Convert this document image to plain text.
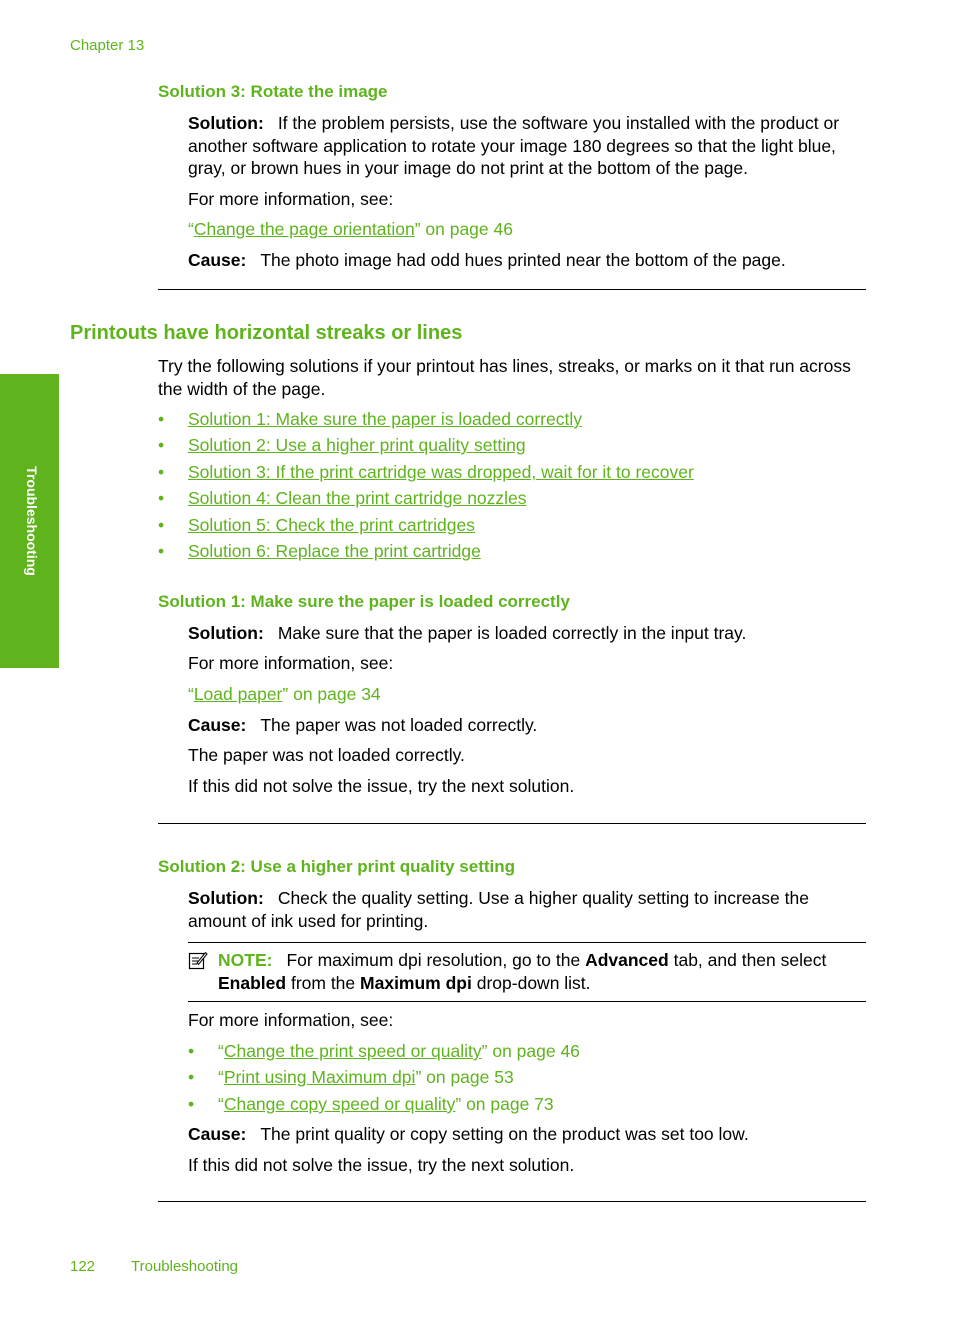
Chapter 13
Troubleshooting
Solution 3: Rotate the image
Solution: If the problem persists, use the software you installed with the product or another software application to rotate your image 180 degrees so that the light blue, gray, or brown hues in your image do not print at the bottom of the page.
For more information, see:
“Change the page orientation” on page 46
Cause: The photo image had odd hues printed near the bottom of the page.
Printouts have horizontal streaks or lines
Try the following solutions if your printout has lines, streaks, or marks on it that run across the width of the page.
• Solution 1: Make sure the paper is loaded correctly
• Solution 2: Use a higher print quality setting
• Solution 3: If the print cartridge was dropped, wait for it to recover
• Solution 4: Clean the print cartridge nozzles
• Solution 5: Check the print cartridges
• Solution 6: Replace the print cartridge
Solution 1: Make sure the paper is loaded correctly
Solution: Make sure that the paper is loaded correctly in the input tray.
For more information, see:
“Load paper” on page 34
Cause: The paper was not loaded correctly.
The paper was not loaded correctly.
If this did not solve the issue, try the next solution.
Solution 2: Use a higher print quality setting
Solution: Check the quality setting. Use a higher quality setting to increase the amount of ink used for printing.
NOTE: For maximum dpi resolution, go to the Advanced tab, and then select Enabled from the Maximum dpi drop-down list.
For more information, see:
• “Change the print speed or quality” on page 46
• “Print using Maximum dpi” on page 53
• “Change copy speed or quality” on page 73
Cause: The print quality or copy setting on the product was set too low.
If this did not solve the issue, try the next solution.
122 Troubleshooting
